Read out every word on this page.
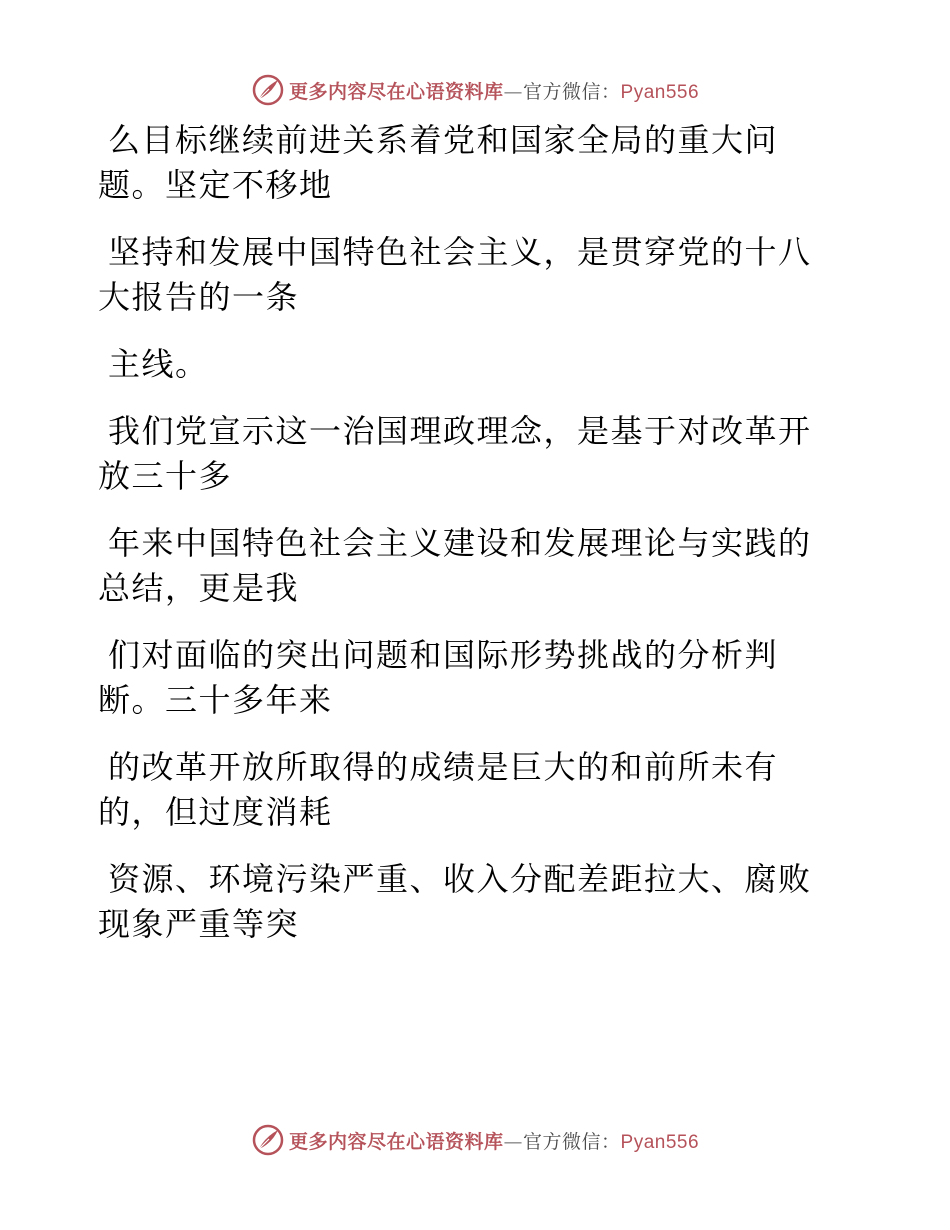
更多内容尽在心语资料库—官方微信：Pyan556
么目标继续前进关系着党和国家全局的重大问
题。坚定不移地
坚持和发展中国特色社会主义，是贯穿党的十八
大报告的一条
主线。
我们党宣示这一治国理政理念，是基于对改革开
放三十多
年来中国特色社会主义建设和发展理论与实践的
总结，更是我
们对面临的突出问题和国际形势挑战的分析判
断。三十多年来
的改革开放所取得的成绩是巨大的和前所未有
的，但过度消耗
资源、环境污染严重、收入分配差距拉大、腐败
现象严重等突
更多内容尽在心语资料库—官方微信：Pyan556
